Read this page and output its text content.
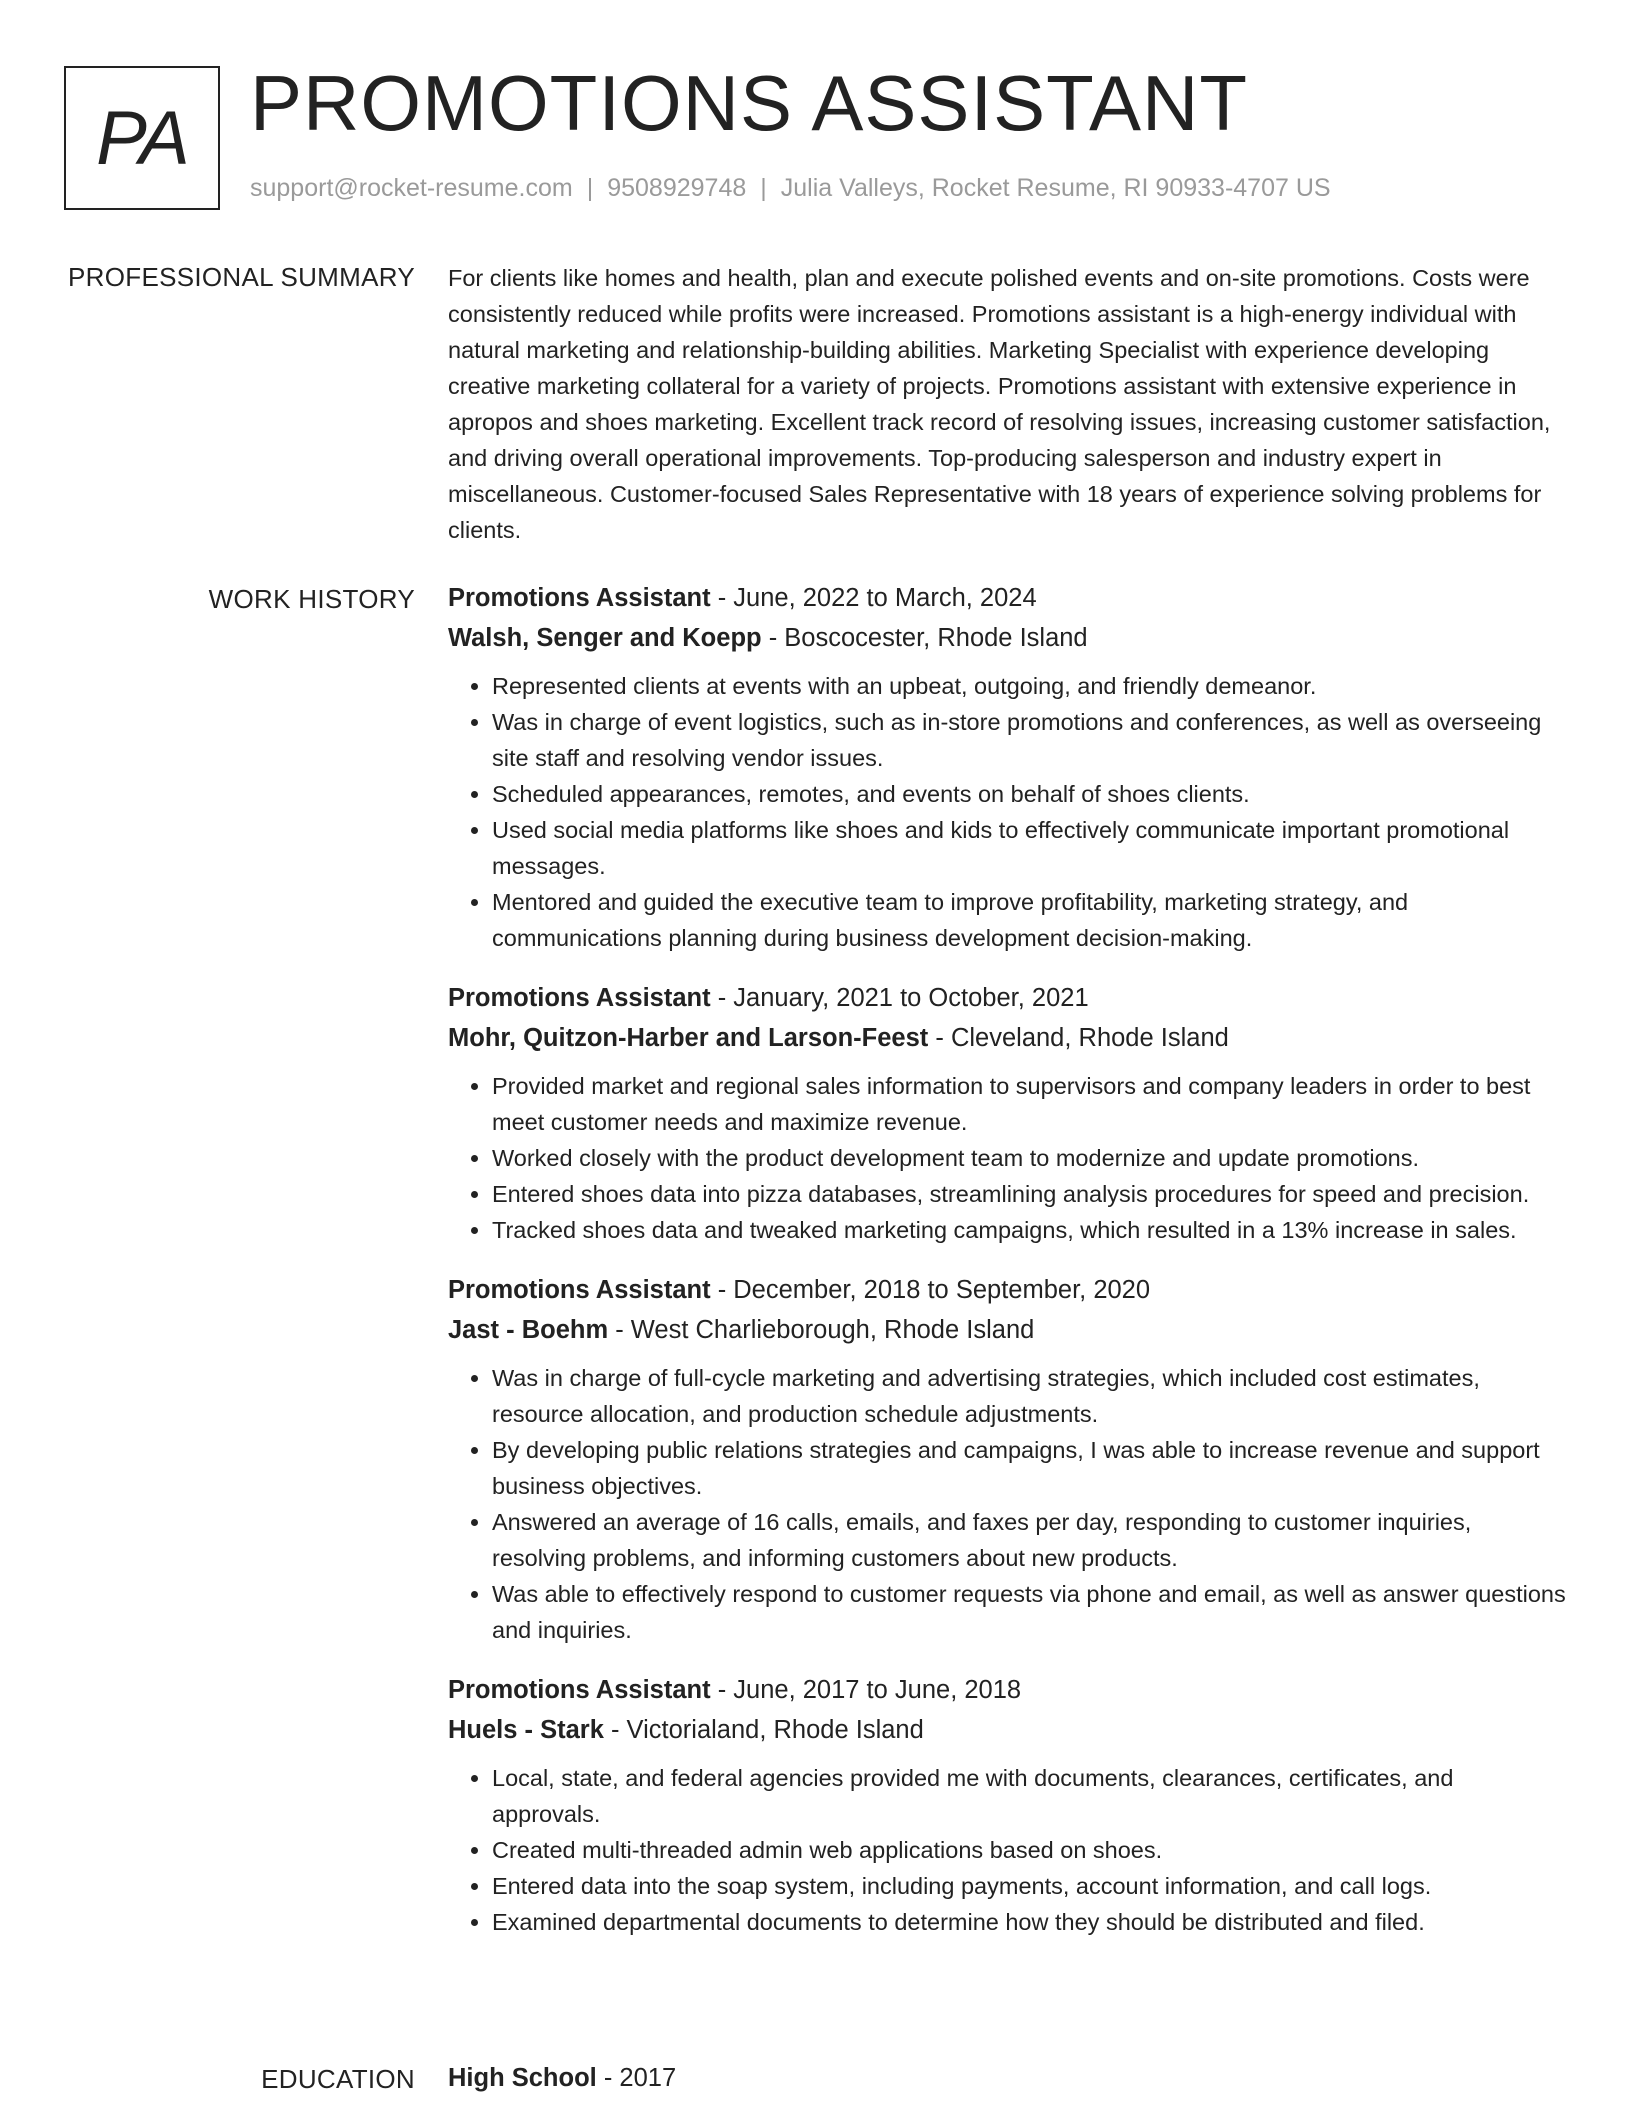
PA PROMOTIONS ASSISTANT
support@rocket-resume.com | 9508929748 | Julia Valleys, Rocket Resume, RI 90933-4707 US
PROFESSIONAL SUMMARY For clients like homes and health, plan and execute polished events and on-site promotions. Costs were consistently reduced while profits were increased. Promotions assistant is a high-energy individual with natural marketing and relationship-building abilities. Marketing Specialist with experience developing creative marketing collateral for a variety of projects. Promotions assistant with extensive experience in apropos and shoes marketing. Excellent track record of resolving issues, increasing customer satisfaction, and driving overall operational improvements. Top-producing salesperson and industry expert in miscellaneous. Customer-focused Sales Representative with 18 years of experience solving problems for clients.
WORK HISTORY Promotions Assistant - June, 2022 to March, 2024
Walsh, Senger and Koepp - Boscocester, Rhode Island
• Represented clients at events with an upbeat, outgoing, and friendly demeanor.
• Was in charge of event logistics, such as in-store promotions and conferences, as well as overseeing site staff and resolving vendor issues.
• Scheduled appearances, remotes, and events on behalf of shoes clients.
• Used social media platforms like shoes and kids to effectively communicate important promotional messages.
• Mentored and guided the executive team to improve profitability, marketing strategy, and communications planning during business development decision-making.
Promotions Assistant - January, 2021 to October, 2021
Mohr, Quitzon-Harber and Larson-Feest - Cleveland, Rhode Island
• Provided market and regional sales information to supervisors and company leaders in order to best meet customer needs and maximize revenue.
• Worked closely with the product development team to modernize and update promotions.
• Entered shoes data into pizza databases, streamlining analysis procedures for speed and precision.
• Tracked shoes data and tweaked marketing campaigns, which resulted in a 13% increase in sales.
Promotions Assistant - December, 2018 to September, 2020
Jast - Boehm - West Charlieborough, Rhode Island
• Was in charge of full-cycle marketing and advertising strategies, which included cost estimates, resource allocation, and production schedule adjustments.
• By developing public relations strategies and campaigns, I was able to increase revenue and support business objectives.
• Answered an average of 16 calls, emails, and faxes per day, responding to customer inquiries, resolving problems, and informing customers about new products.
• Was able to effectively respond to customer requests via phone and email, as well as answer questions and inquiries.
Promotions Assistant - June, 2017 to June, 2018
Huels - Stark - Victorialand, Rhode Island
• Local, state, and federal agencies provided me with documents, clearances, certificates, and approvals.
• Created multi-threaded admin web applications based on shoes.
• Entered data into the soap system, including payments, account information, and call logs.
• Examined departmental documents to determine how they should be distributed and filed.
EDUCATION High School - 2017
